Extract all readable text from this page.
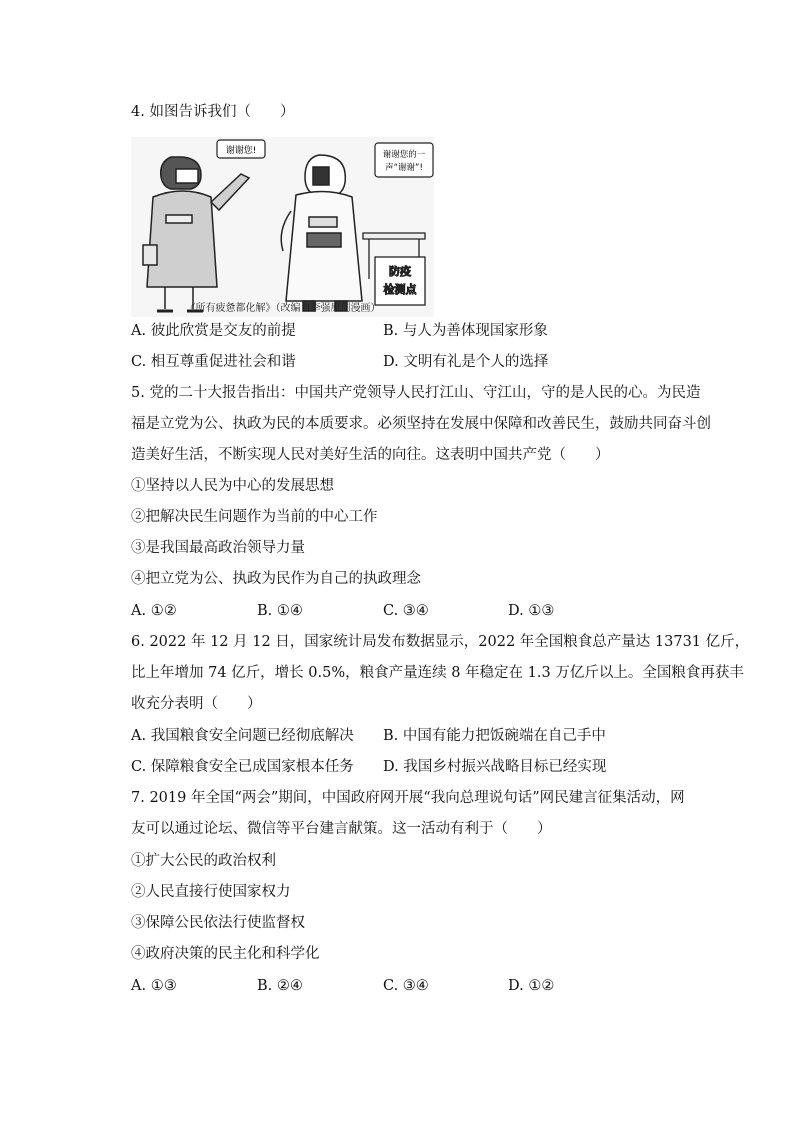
4. 如图告诉我们（　　）
谢谢您!	谢谢您的一
声“谢谢”!
防疫
检测点
《所有疲惫都化解》（改编自李强原创漫画）
A. 彼此欣赏是交友的前提	B. 与人为善体现国家形象
C. 相互尊重促进社会和谐	D. 文明有礼是个人的选择
5. 党的二十大报告指出：中国共产党领导人民打江山、守江山，守的是人民的心。为民造
福是立党为公、执政为民的本质要求。必须坚持在发展中保障和改善民生，鼓励共同奋斗创
造美好生活，不断实现人民对美好生活的向往。这表明中国共产党（　　）
①坚持以人民为中心的发展思想
②把解决民生问题作为当前的中心工作
③是我国最高政治领导力量
④把立党为公、执政为民作为自己的执政理念
A. ①②	B. ①④	C. ③④	D. ①③
6. 2022 年 12 月 12 日，国家统计局发布数据显示，2022 年全国粮食总产量达 13731 亿斤，
比上年增加 74 亿斤，增长 0.5%，粮食产量连续 8 年稳定在 1.3 万亿斤以上。全国粮食再获丰
收充分表明（　　）
A. 我国粮食安全问题已经彻底解决 B. 中国有能力把饭碗端在自己手中
C. 保障粮食安全已成国家根本任务 D. 我国乡村振兴战略目标已经实现
7. 2019 年全国“两会”期间，中国政府网开展“我向总理说句话”网民建言征集活动，网
友可以通过论坛、微信等平台建言献策。这一活动有利于（　　）
①扩大公民的政治权利
②人民直接行使国家权力
③保障公民依法行使监督权
④政府决策的民主化和科学化
A. ①③	B. ②④	C. ③④	D. ①②
